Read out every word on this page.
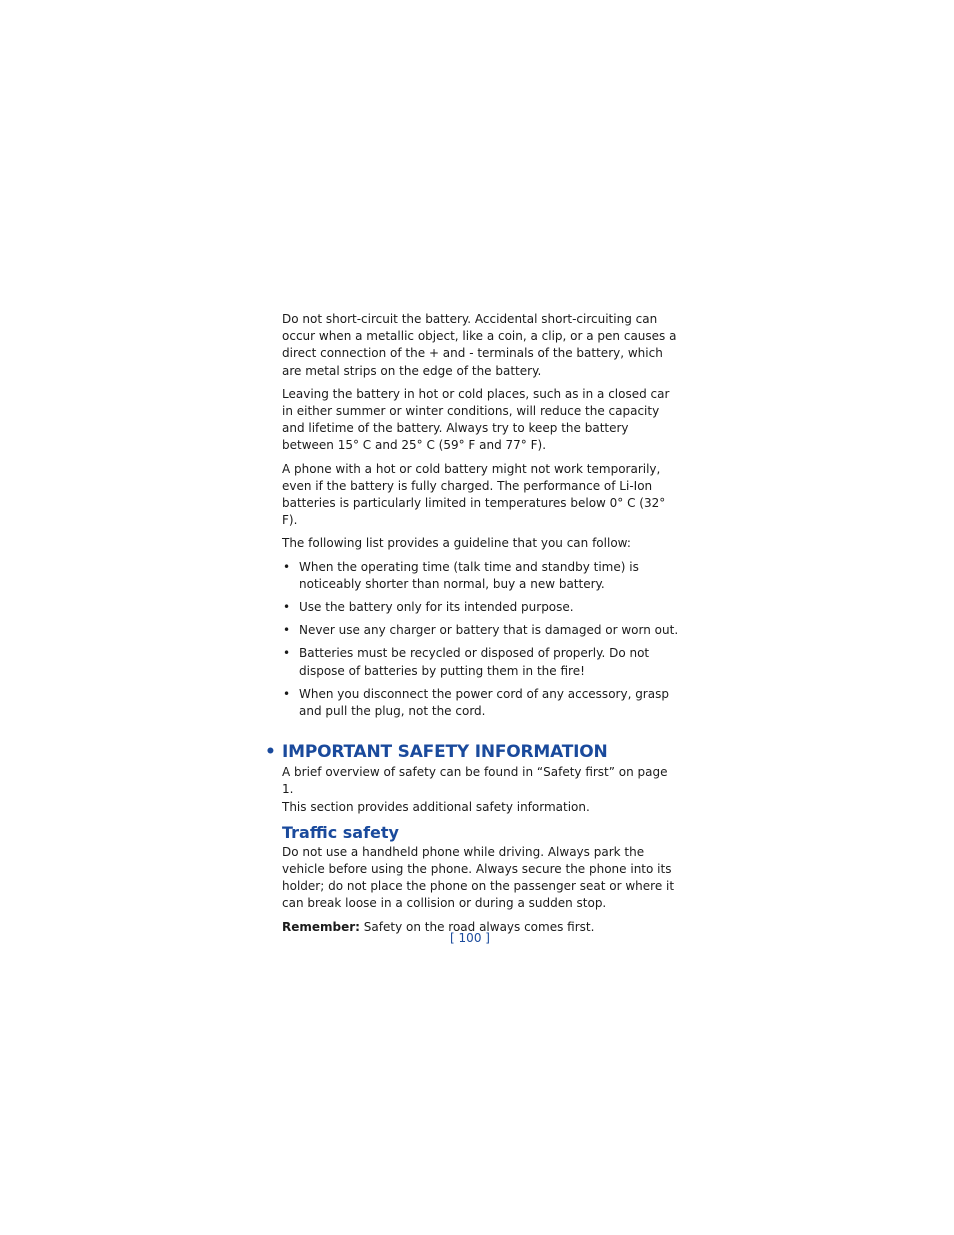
Do not short-circuit the battery. Accidental short-circuiting can occur when a metallic object, like a coin, a clip, or a pen causes a direct connection of the + and - terminals of the battery, which are metal strips on the edge of the battery.

Leaving the battery in hot or cold places, such as in a closed car in either summer or winter conditions, will reduce the capacity and lifetime of the battery. Always try to keep the battery between 15° C and 25° C (59° F and 77° F).

A phone with a hot or cold battery might not work temporarily, even if the battery is fully charged. The performance of Li-Ion batteries is particularly limited in temperatures below 0° C (32° F).

The following list provides a guideline that you can follow:

• When the operating time (talk time and standby time) is noticeably shorter than normal, buy a new battery.
• Use the battery only for its intended purpose.
• Never use any charger or battery that is damaged or worn out.
• Batteries must be recycled or disposed of properly. Do not dispose of batteries by putting them in the fire!
• When you disconnect the power cord of any accessory, grasp and pull the plug, not the cord.
• IMPORTANT SAFETY INFORMATION

A brief overview of safety can be found in “Safety first” on page 1.

This section provides additional safety information.

Traffic safety

Do not use a handheld phone while driving. Always park the vehicle before using the phone. Always secure the phone into its holder; do not place the phone on the passenger seat or where it can break loose in a collision or during a sudden stop.

Remember: Safety on the road always comes first.

[ 100 ]
